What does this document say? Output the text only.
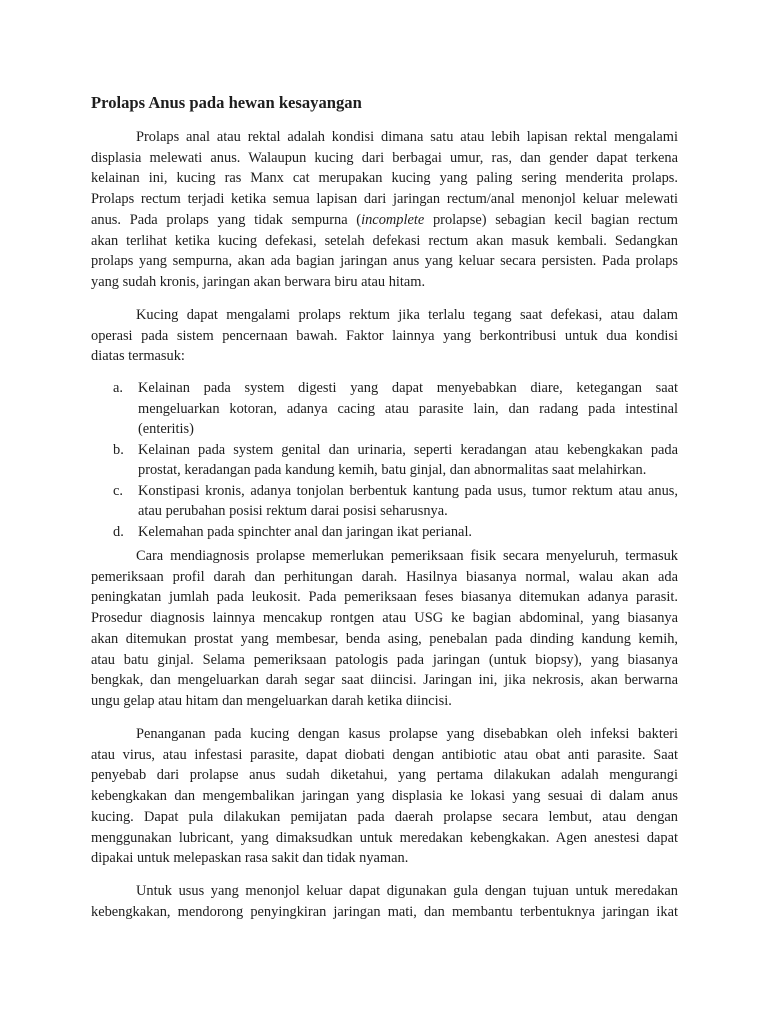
Prolaps Anus pada hewan kesayangan
Prolaps anal atau rektal adalah kondisi dimana satu atau lebih lapisan rektal mengalami
displasia melewati anus. Walaupun kucing dari berbagai umur, ras, dan gender dapat terkena
kelainan ini, kucing ras Manx cat merupakan kucing yang paling sering menderita prolaps.
Prolaps rectum terjadi ketika semua lapisan dari jaringan rectum/anal menonjol keluar melewati
anus. Pada prolaps yang tidak sempurna (incomplete prolapse) sebagian kecil bagian rectum
akan terlihat ketika kucing defekasi, setelah defekasi rectum akan masuk kembali. Sedangkan
prolaps yang sempurna, akan ada bagian jaringan anus yang keluar secara persisten. Pada prolaps
yang sudah kronis, jaringan akan berwara biru atau hitam.
Kucing dapat mengalami prolaps rektum jika terlalu tegang saat defekasi, atau dalam
operasi pada sistem pencernaan bawah. Faktor lainnya yang berkontribusi untuk dua kondisi
diatas termasuk:
a. Kelainan pada system digesti yang dapat menyebabkan diare, ketegangan saat
mengeluarkan kotoran, adanya cacing atau parasite lain, dan radang pada intestinal
(enteritis)
b. Kelainan pada system genital dan urinaria, seperti keradangan atau kebengkakan pada
prostat, keradangan pada kandung kemih, batu ginjal, dan abnormalitas saat melahirkan.
c. Konstipasi kronis, adanya tonjolan berbentuk kantung pada usus, tumor rektum atau anus,
atau perubahan posisi rektum darai posisi seharusnya.
d. Kelemahan pada spinchter anal dan jaringan ikat perianal.
Cara mendiagnosis prolapse memerlukan pemeriksaan fisik secara menyeluruh, termasuk
pemeriksaan profil darah dan perhitungan darah. Hasilnya biasanya normal, walau akan ada
peningkatan jumlah pada leukosit. Pada pemeriksaan feses biasanya ditemukan adanya parasit.
Prosedur diagnosis lainnya mencakup rontgen atau USG ke bagian abdominal, yang biasanya
akan ditemukan prostat yang membesar, benda asing, penebalan pada dinding kandung kemih,
atau batu ginjal. Selama pemeriksaan patologis pada jaringan (untuk biopsy), yang biasanya
bengkak, dan mengeluarkan darah segar saat diincisi. Jaringan ini, jika nekrosis, akan berwarna
ungu gelap atau hitam dan mengeluarkan darah ketika diincisi.
Penanganan pada kucing dengan kasus prolapse yang disebabkan oleh infeksi bakteri
atau virus, atau infestasi parasite, dapat diobati dengan antibiotic atau obat anti parasite. Saat
penyebab dari prolapse anus sudah diketahui, yang pertama dilakukan adalah mengurangi
kebengkakan dan mengembalikan jaringan yang displasia ke lokasi yang sesuai di dalam anus
kucing. Dapat pula dilakukan pemijatan pada daerah prolapse secara lembut, atau dengan
menggunakan lubricant, yang dimaksudkan untuk meredakan kebengkakan. Agen anestesi dapat
dipakai untuk melepaskan rasa sakit dan tidak nyaman.
Untuk usus yang menonjol keluar dapat digunakan gula dengan tujuan untuk meredakan
kebengkakan, mendorong penyingkiran jaringan mati, dan membantu terbentuknya jaringan ikat
